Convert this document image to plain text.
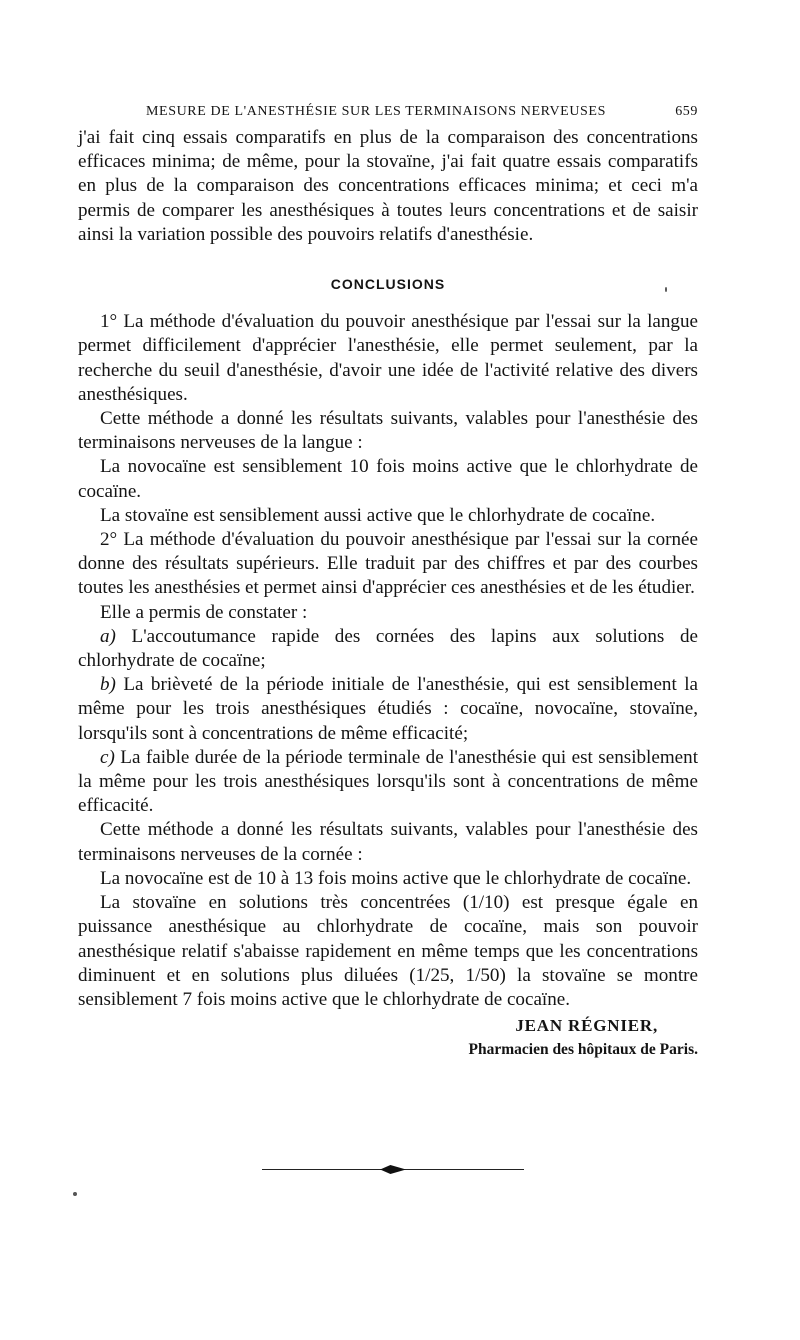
MESURE DE L'ANESTHÉSIE SUR LES TERMINAISONS NERVEUSES	659

j'ai fait cinq essais comparatifs en plus de la comparaison des concentrations efficaces minima; de même, pour la stovaïne, j'ai fait quatre essais comparatifs en plus de la comparaison des concentrations efficaces minima; et ceci m'a permis de comparer les anesthésiques à toutes leurs concentrations et de saisir ainsi la variation possible des pouvoirs relatifs d'anesthésie.

CONCLUSIONS

1° La méthode d'évaluation du pouvoir anesthésique par l'essai sur la langue permet difficilement d'apprécier l'anesthésie, elle permet seulement, par la recherche du seuil d'anesthésie, d'avoir une idée de l'activité relative des divers anesthésiques.

Cette méthode a donné les résultats suivants, valables pour l'anesthésie des terminaisons nerveuses de la langue :

La novocaïne est sensiblement 10 fois moins active que le chlorhydrate de cocaïne.

La stovaïne est sensiblement aussi active que le chlorhydrate de cocaïne.

2° La méthode d'évaluation du pouvoir anesthésique par l'essai sur la cornée donne des résultats supérieurs. Elle traduit par des chiffres et par des courbes toutes les anesthésies et permet ainsi d'apprécier ces anesthésies et de les étudier.

Elle a permis de constater :

a) L'accoutumance rapide des cornées des lapins aux solutions de chlorhydrate de cocaïne;

b) La brièveté de la période initiale de l'anesthésie, qui est sensiblement la même pour les trois anesthésiques étudiés : cocaïne, novocaïne, stovaïne, lorsqu'ils sont à concentrations de même efficacité;

c) La faible durée de la période terminale de l'anesthésie qui est sensiblement la même pour les trois anesthésiques lorsqu'ils sont à concentrations de même efficacité.

Cette méthode a donné les résultats suivants, valables pour l'anesthésie des terminaisons nerveuses de la cornée :

La novocaïne est de 10 à 13 fois moins active que le chlorhydrate de cocaïne.

La stovaïne en solutions très concentrées (1/10) est presque égale en puissance anesthésique au chlorhydrate de cocaïne, mais son pouvoir anesthésique relatif s'abaisse rapidement en même temps que les concentrations diminuent et en solutions plus diluées (1/25, 1/50) la stovaïne se montre sensiblement 7 fois moins active que le chlorhydrate de cocaïne.

JEAN RÉGNIER,
Pharmacien des hôpitaux de Paris.
